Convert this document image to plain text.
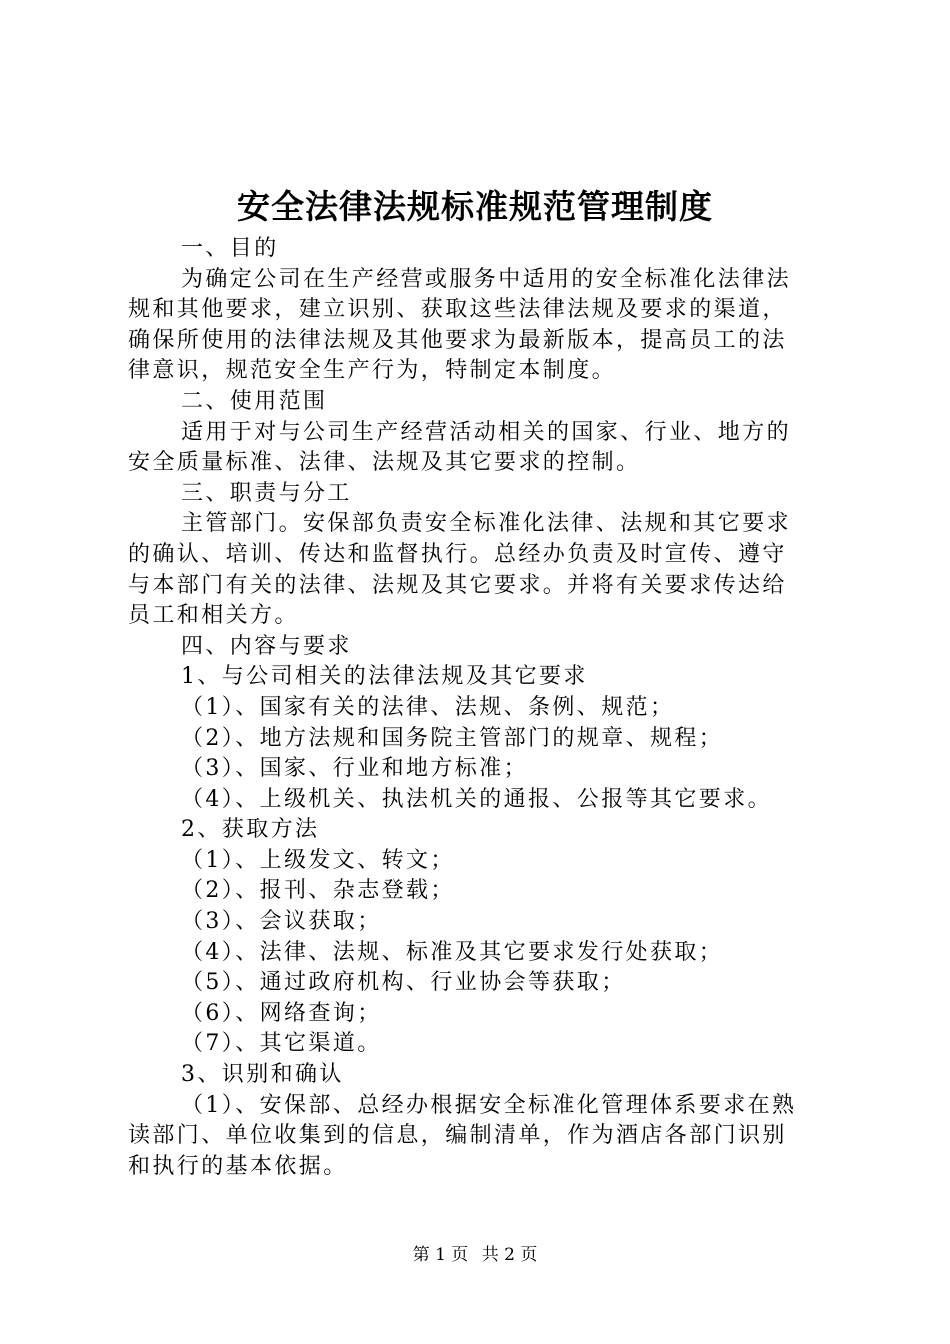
安全法律法规标准规范管理制度

一、目的

为确定公司在生产经营或服务中适用的安全标准化法律法

规和其他要求，建立识别、获取这些法律法规及要求的渠道，

确保所使用的法律法规及其他要求为最新版本，提高员工的法

律意识，规范安全生产行为，特制定本制度。

二、使用范围

适用于对与公司生产经营活动相关的国家、行业、地方的

安全质量标准、法律、法规及其它要求的控制。

三、职责与分工

主管部门。安保部负责安全标准化法律、法规和其它要求

的确认、培训、传达和监督执行。总经办负责及时宣传、遵守

与本部门有关的法律、法规及其它要求。并将有关要求传达给

员工和相关方。

四、内容与要求

1、与公司相关的法律法规及其它要求

（1）、国家有关的法律、法规、条例、规范；

（2）、地方法规和国务院主管部门的规章、规程；

（3）、国家、行业和地方标准；

（4）、上级机关、执法机关的通报、公报等其它要求。

2、获取方法

（1）、上级发文、转文；

（2）、报刊、杂志登载；

（3）、会议获取；

（4）、法律、法规、标准及其它要求发行处获取；

（5）、通过政府机构、行业协会等获取；

（6）、网络查询；

（7）、其它渠道。

3、识别和确认

（1）、安保部、总经办根据安全标准化管理体系要求在熟

读部门、单位收集到的信息，编制清单，作为酒店各部门识别

和执行的基本依据。

第 1 页 共 2 页
